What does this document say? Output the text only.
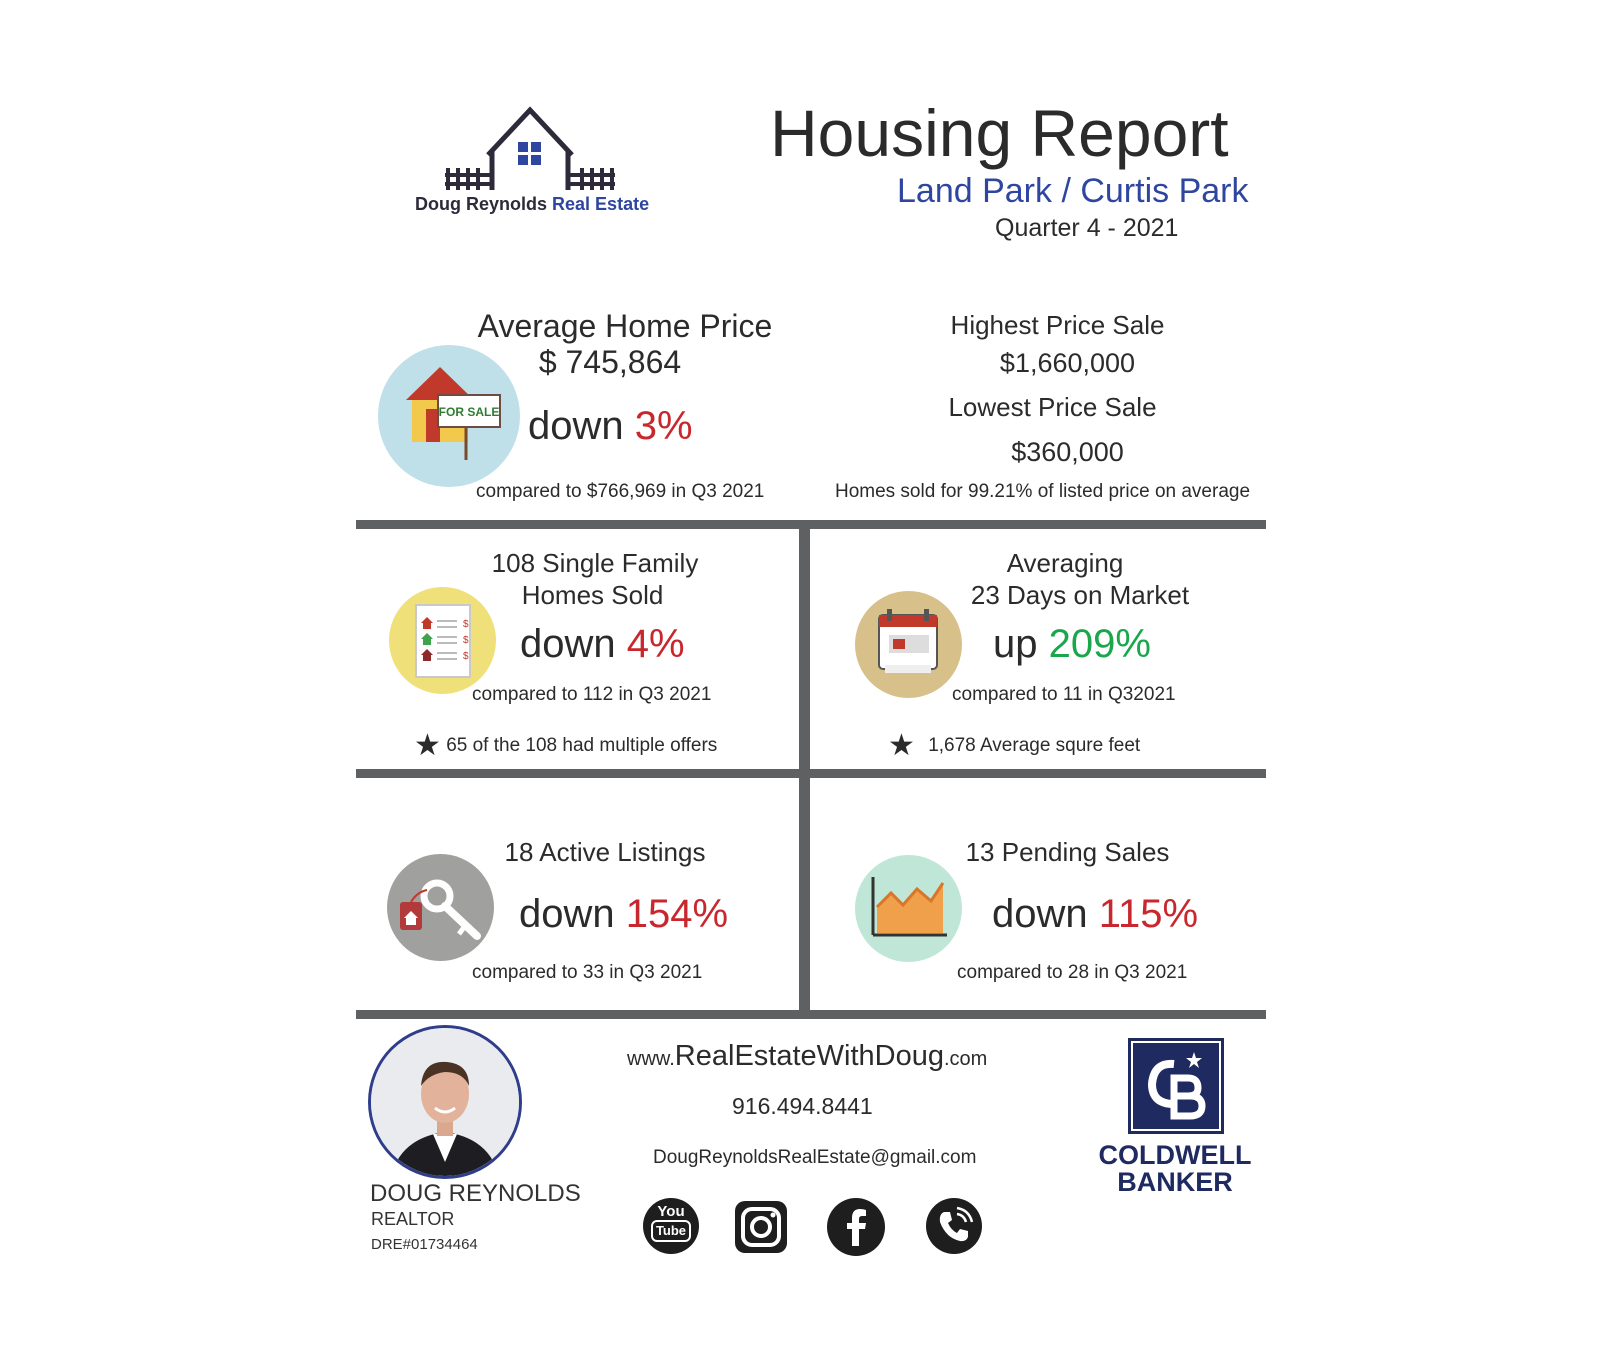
Doug Reynolds Real Estate
Housing Report
Land Park / Curtis Park
Quarter 4 - 2021
Average Home Price
$ 745,864
FOR SALE down 3%
compared to $766,969 in Q3 2021
Highest Price Sale
$1,660,000
Lowest Price Sale
$360,000
Homes sold for 99.21% of listed price on average
108 Single Family
Homes Sold
$
$
$ down 4%
compared to 112 in Q3 2021
★ 65 of the 108 had multiple offers
Averaging
23 Days on Market
up 209%
compared to 11 in Q32021
★ 1,678 Average squre feet
18 Active Listings
down 154%
compared to 33 in Q3 2021
13 Pending Sales
down 115%
compared to 28 in Q3 2021
DOUG REYNOLDS
REALTOR
DRE#01734464
www.RealEstateWithDoug.com
916.494.8441
DougReynoldsRealEstate@gmail.com
You
Tube
COLDWELL
BANKER
